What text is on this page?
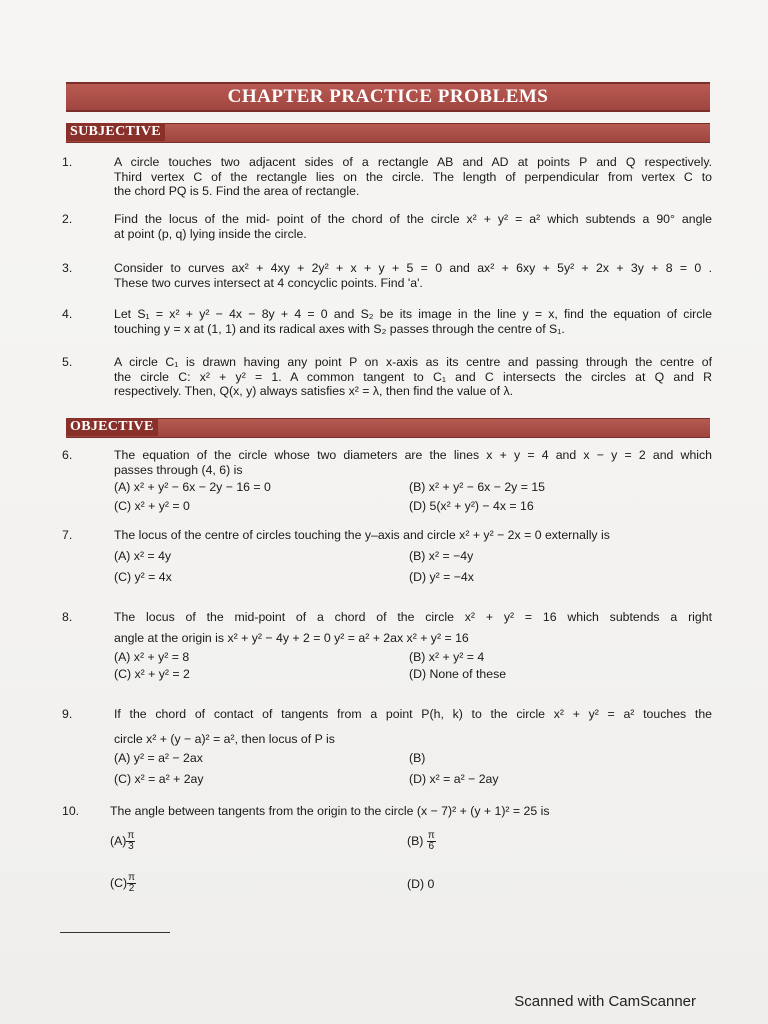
CHAPTER PRACTICE PROBLEMS
SUBJECTIVE
1.	A circle touches two adjacent sides of a rectangle AB and AD at points P and Q respectively.
Third vertex C of the rectangle lies on the circle. The length of perpendicular from vertex C to
the chord PQ is 5. Find the area of rectangle.
2.	Find the locus of the mid- point of the chord of the circle x² + y² = a² which subtends a 90° angle
at point (p, q) lying inside the circle.
3.	Consider to curves ax² + 4xy + 2y² + x + y + 5 = 0 and ax² + 6xy + 5y² + 2x + 3y + 8 = 0 .
These two curves intersect at 4 concyclic points. Find 'a'.
4.	Let S₁ = x² + y² − 4x − 8y + 4 = 0 and S₂ be its image in the line y = x, find the equation of circle
touching y = x at (1, 1) and its radical axes with S₂ passes through the centre of S₁.
5.	A circle C₁ is drawn having any point P on x-axis as its centre and passing through the centre of
the circle C: x² + y² = 1. A common tangent to C₁ and C intersects the circles at Q and R
respectively. Then, Q(x, y) always satisfies x² = λ, then find the value of λ.
OBJECTIVE
6.	The equation of the circle whose two diameters are the lines x + y = 4 and x − y = 2 and which
passes through (4, 6) is
(A) x² + y² − 6x − 2y − 16 = 0	(B) x² + y² − 6x − 2y = 15
(C) x² + y² = 0	(D) 5(x² + y²) − 4x = 16
7.	The locus of the centre of circles touching the y–axis and circle x² + y² − 2x = 0 externally is
(A) x² = 4y	(B) x² = −4y
(C) y² = 4x	(D) y² = −4x
8.	The locus of the mid-point of a chord of the circle x² + y² = 16 which subtends a right
angle at the origin is x² + y² − 4y + 2 = 0 y² = a² + 2ax x² + y² = 16
(A) x² + y² = 8	(B) x² + y² = 4
(C) x² + y² = 2	(D) None of these
9.	If the chord of contact of tangents from a point P(h, k) to the circle x² + y² = a² touches the
circle x² + (y − a)² = a², then locus of P is
(A) y² = a² − 2ax	(B)
(C) x² = a² + 2ay	(D) x² = a² − 2ay
10.	The angle between tangents from the origin to the circle (x − 7)² + (y + 1)² = 25 is
$(A) \frac{\pi}{3}$	$(B) \frac{\pi}{6}$
$(C) \frac{\pi}{2}$	(D) 0
Scanned with CamScanner
